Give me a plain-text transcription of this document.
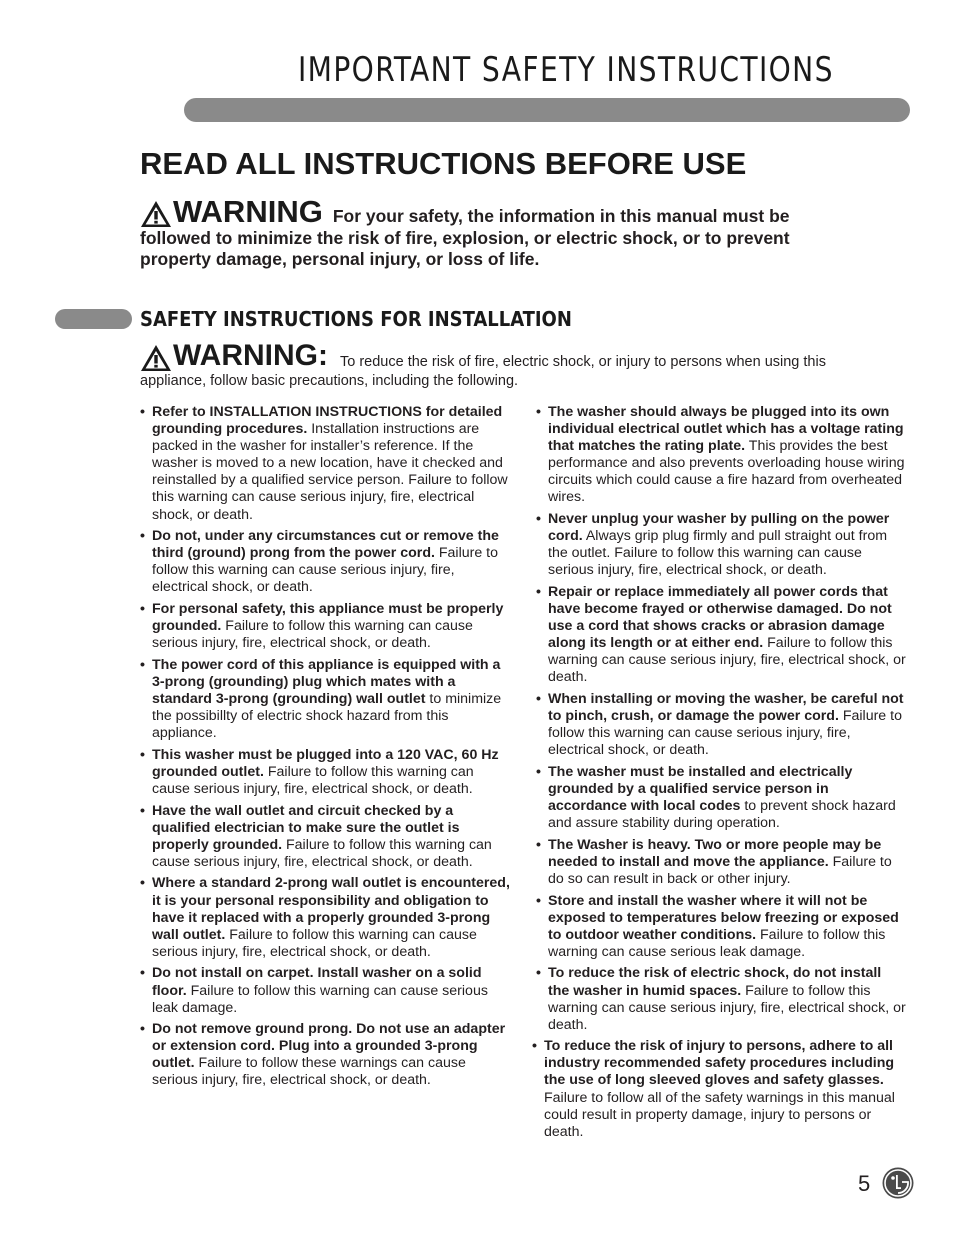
IMPORTANT SAFETY INSTRUCTIONS
READ ALL INSTRUCTIONS BEFORE USE
WARNING For your safety, the information in this manual must be
followed to minimize the risk of fire, explosion, or electric shock, or to prevent property damage, personal injury, or loss of life.
SAFETY INSTRUCTIONS FOR INSTALLATION
WARNING: To reduce the risk of fire, electric shock, or injury to persons when using this
appliance, follow basic precautions, including the following.
• Refer to INSTALLATION INSTRUCTIONS for detailed grounding procedures. Installation instructions are packed in the washer for installer’s reference. If the washer is moved to a new location, have it checked and reinstalled by a qualified service person. Failure to follow this warning can cause serious injury, fire, electrical shock, or death.
• Do not, under any circumstances cut or remove the third (ground) prong from the power cord. Failure to follow this warning can cause serious injury, fire, electrical shock, or death.
• For personal safety, this appliance must be properly grounded. Failure to follow this warning can cause serious injury, fire, electrical shock, or death.
• The power cord of this appliance is equipped with a 3-prong (grounding) plug which mates with a standard 3-prong (grounding) wall outlet to minimize the possibillty of electric shock hazard from this appliance.
• This washer must be plugged into a 120 VAC, 60 Hz grounded outlet. Failure to follow this warning can cause serious injury, fire, electrical shock, or death.
• Have the wall outlet and circuit checked by a qualified electrician to make sure the outlet is properly grounded. Failure to follow this warning can cause serious injury, fire, electrical shock, or death.
• Where a standard 2-prong wall outlet is encountered, it is your personal responsibility and obligation to have it replaced with a properly grounded 3-prong wall outlet. Failure to follow this warning can cause serious injury, fire, electrical shock, or death.
• Do not install on carpet. Install washer on a solid floor. Failure to follow this warning can cause serious leak damage.
• Do not remove ground prong. Do not use an adapter or extension cord. Plug into a grounded 3-prong outlet. Failure to follow these warnings can cause serious injury, fire, electrical shock, or death.
• The washer should always be plugged into its own individual electrical outlet which has a voltage rating that matches the rating plate. This provides the best performance and also prevents overloading house wiring circuits which could cause a fire hazard from overheated wires.
• Never unplug your washer by pulling on the power cord. Always grip plug firmly and pull straight out from the outlet. Failure to follow this warning can cause serious injury, fire, electrical shock, or death.
• Repair or replace immediately all power cords that have become frayed or otherwise damaged. Do not use a cord that shows cracks or abrasion damage along its length or at either end. Failure to follow this warning can cause serious injury, fire, electrical shock, or death.
• When installing or moving the washer, be careful not to pinch, crush, or damage the power cord. Failure to follow this warning can cause serious injury, fire, electrical shock, or death.
• The washer must be installed and electrically grounded by a qualified service person in accordance with local codes to prevent shock hazard and assure stability during operation.
• The Washer is heavy. Two or more people may be needed to install and move the appliance. Failure to do so can result in back or other injury.
• Store and install the washer where it will not be exposed to temperatures below freezing or exposed to outdoor weather conditions. Failure to follow this warning can cause serious leak damage.
• To reduce the risk of electric shock, do not install the washer in humid spaces. Failure to follow this warning can cause serious injury, fire, electrical shock, or death.
• To reduce the risk of injury to persons, adhere to all industry recommended safety procedures including the use of long sleeved gloves and safety glasses. Failure to follow all of the safety warnings in this manual could result in property damage, injury to persons or death.
5
